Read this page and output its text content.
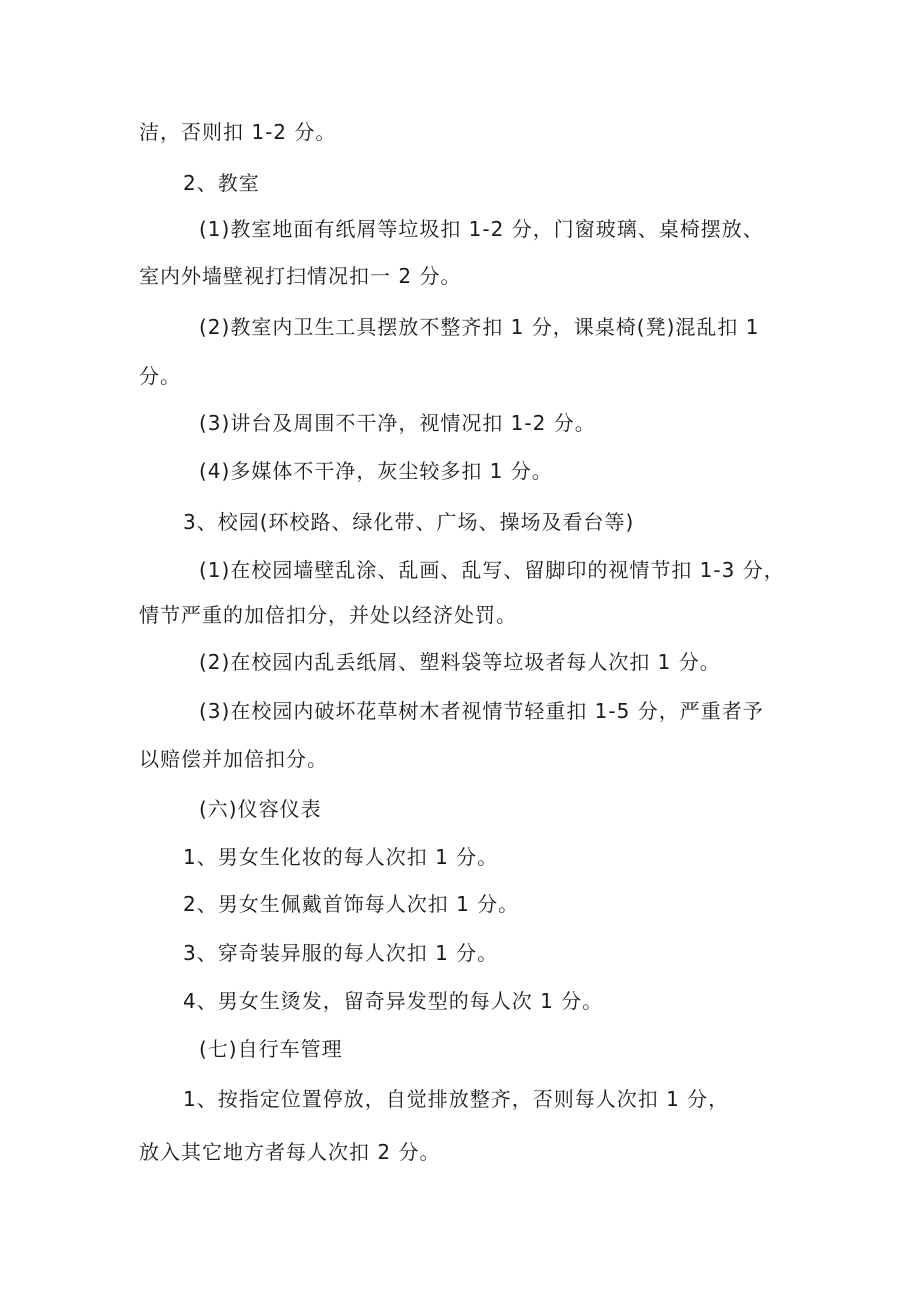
洁，否则扣 1-2 分。
2、教室
(1)教室地面有纸屑等垃圾扣 1-2 分，门窗玻璃、桌椅摆放、
室内外墙壁视打扫情况扣一 2 分。
(2)教室内卫生工具摆放不整齐扣 1 分，课桌椅(凳)混乱扣 1
分。
(3)讲台及周围不干净，视情况扣 1-2 分。
(4)多媒体不干净，灰尘较多扣 1 分。
3、校园(环校路、绿化带、广场、操场及看台等)
(1)在校园墙壁乱涂、乱画、乱写、留脚印的视情节扣 1-3 分，
情节严重的加倍扣分，并处以经济处罚。
(2)在校园内乱丢纸屑、塑料袋等垃圾者每人次扣 1 分。
(3)在校园内破坏花草树木者视情节轻重扣 1-5 分，严重者予
以赔偿并加倍扣分。
(六)仪容仪表
1、男女生化妆的每人次扣 1 分。
2、男女生佩戴首饰每人次扣 1 分。
3、穿奇装异服的每人次扣 1 分。
4、男女生烫发，留奇异发型的每人次 1 分。
(七)自行车管理
1、按指定位置停放，自觉排放整齐，否则每人次扣 1 分，
放入其它地方者每人次扣 2 分。
